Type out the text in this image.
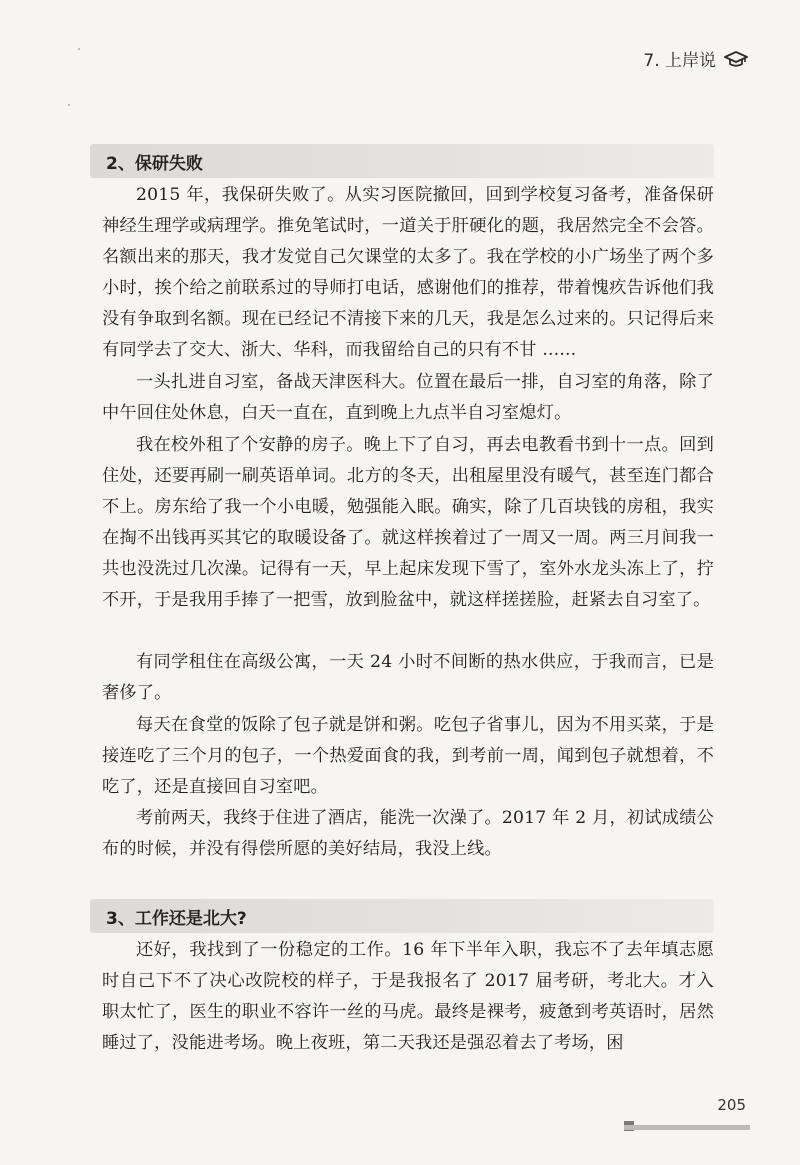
7. 上岸说
2、保研失败

2015 年，我保研失败了。从实习医院撤回，回到学校复习备考，准备保研神经生理学或病理学。推免笔试时，一道关于肝硬化的题，我居然完全不会答。名额出来的那天，我才发觉自己欠课堂的太多了。我在学校的小广场坐了两个多小时，挨个给之前联系过的导师打电话，感谢他们的推荐，带着愧疚告诉他们我没有争取到名额。现在已经记不清接下来的几天，我是怎么过来的。只记得后来有同学去了交大、浙大、华科，而我留给自己的只有不甘 ......

一头扎进自习室，备战天津医科大。位置在最后一排，自习室的角落，除了中午回住处休息，白天一直在，直到晚上九点半自习室熄灯。

我在校外租了个安静的房子。晚上下了自习，再去电教看书到十一点。回到住处，还要再刷一刷英语单词。北方的冬天，出租屋里没有暖气，甚至连门都合不上。房东给了我一个小电暖，勉强能入眠。确实，除了几百块钱的房租，我实在掏不出钱再买其它的取暖设备了。就这样挨着过了一周又一周。两三月间我一共也没洗过几次澡。记得有一天，早上起床发现下雪了，室外水龙头冻上了，拧不开，于是我用手捧了一把雪，放到脸盆中，就这样搓搓脸，赶紧去自习室了。

有同学租住在高级公寓，一天 24 小时不间断的热水供应，于我而言，已是奢侈了。

每天在食堂的饭除了包子就是饼和粥。吃包子省事儿，因为不用买菜，于是接连吃了三个月的包子，一个热爱面食的我，到考前一周，闻到包子就想着，不吃了，还是直接回自习室吧。

考前两天，我终于住进了酒店，能洗一次澡了。2017 年 2 月，初试成绩公布的时候，并没有得偿所愿的美好结局，我没上线。

3、工作还是北大?

还好，我找到了一份稳定的工作。16 年下半年入职，我忘不了去年填志愿时自己下不了决心改院校的样子，于是我报名了 2017 届考研，考北大。才入职太忙了，医生的职业不容许一丝的马虎。最终是裸考，疲惫到考英语时，居然睡过了，没能进考场。晚上夜班，第二天我还是强忍着去了考场，困

205
